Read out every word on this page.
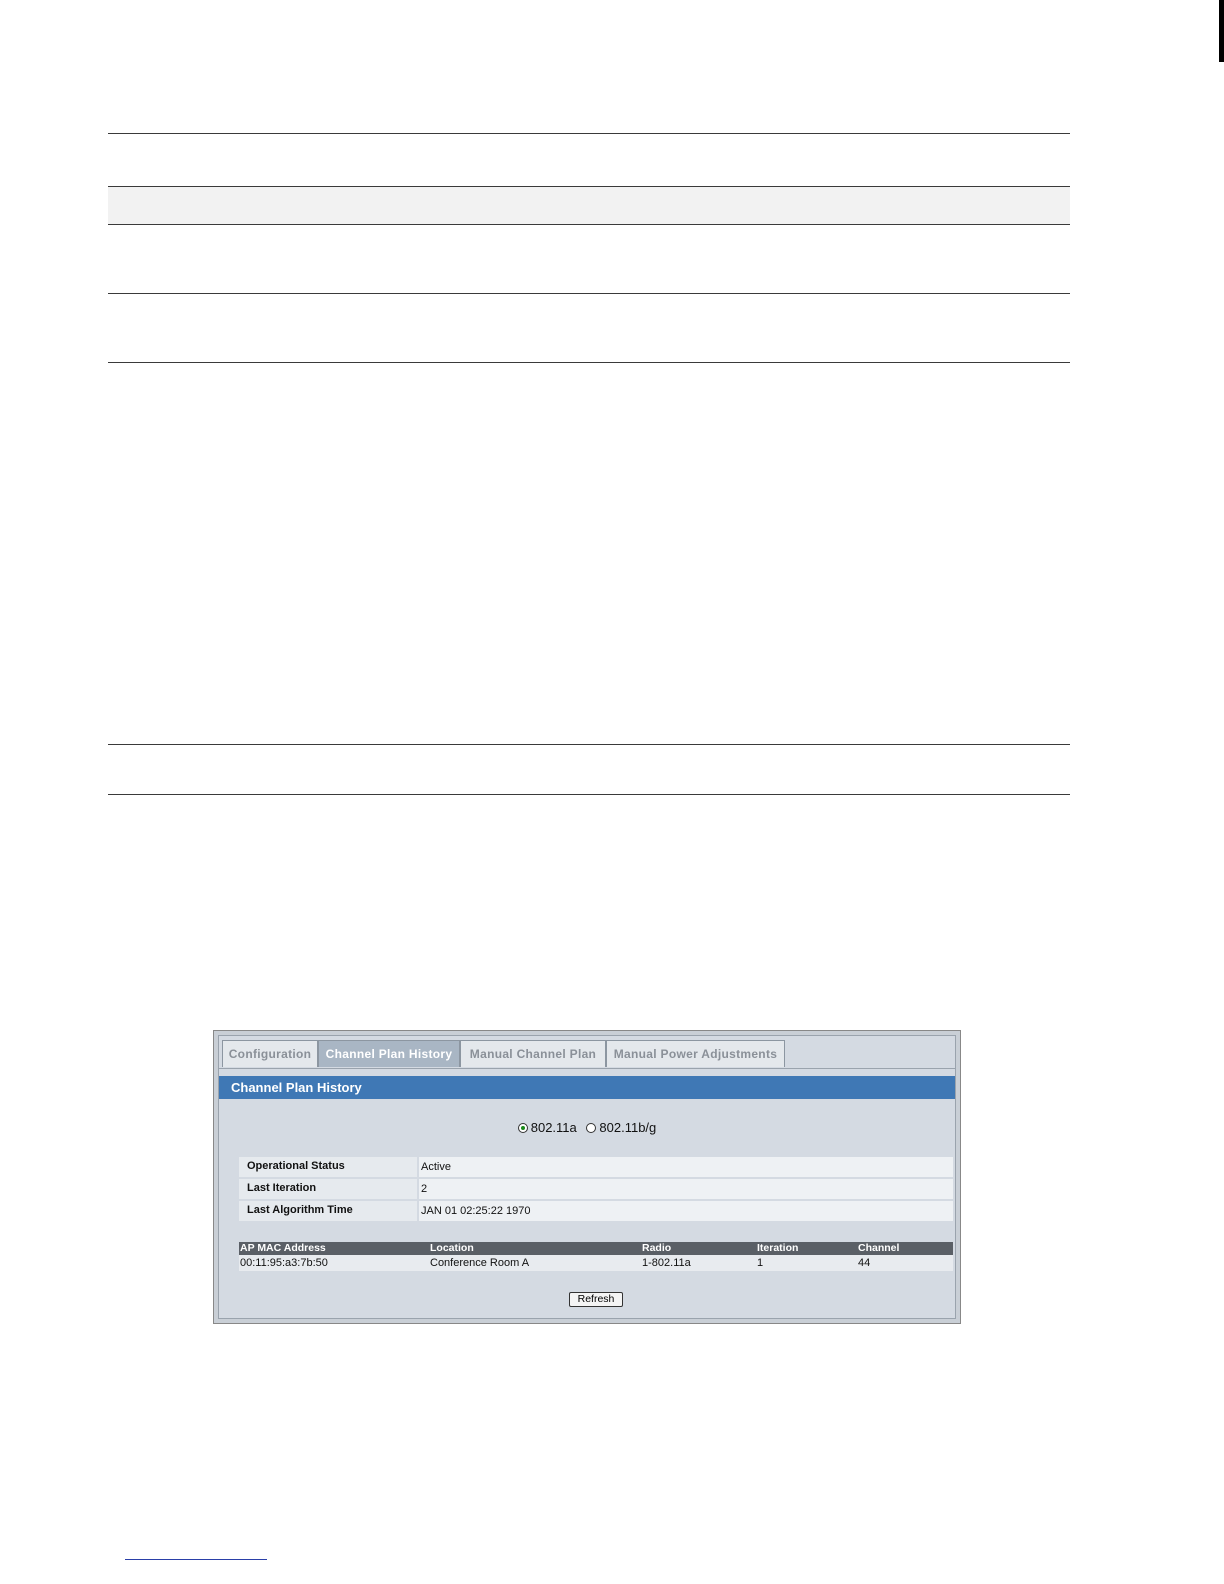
Configuration	Channel Plan History	Manual Channel Plan	Manual Power Adjustments
Channel Plan History
802.11a
802.11b/g
Operational Status	Active
Last Iteration	2
Last Algorithm Time	JAN 01 02:25:22 1970
AP MAC Address	Location	Radio	Iteration	Channel
00:11:95:a3:7b:50	Conference Room A	1-802.11a	1	44
Refresh
